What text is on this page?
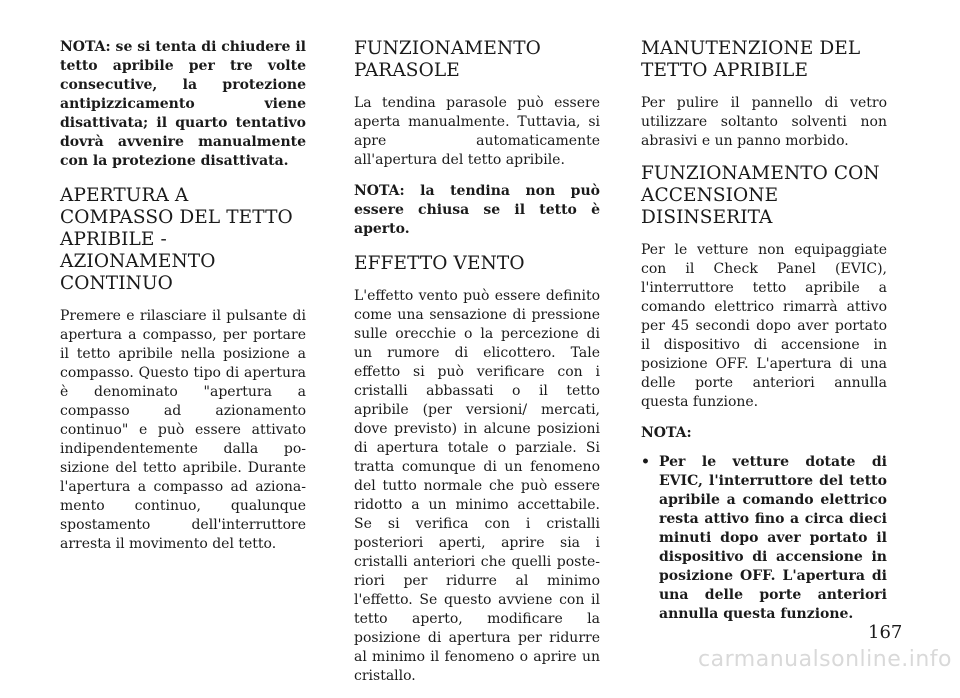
NOTA: se si tenta di chiudere il tetto apribile per tre volte consecutive, la protezione antipizzicamento viene disattivata; il quarto tentativo dovrà avvenire manualmente con la protezione disattivata.

APERTURA A COMPASSO DEL TETTO APRIBILE - AZIONAMENTO CONTINUO

Premere e rilasciare il pulsante di apertura a compasso, per portare il tetto apribile nella posizione a compasso. Questo tipo di apertura è denominato "apertura a compasso ad azionamento continuo" e può essere attivato indipendentemente dalla posizione del tetto apribile. Durante l'apertura a compasso ad azionamento continuo, qualunque spostamento dell'interruttore arresta il movimento del tetto.

FUNZIONAMENTO PARASOLE

La tendina parasole può essere aperta manualmente. Tuttavia, si apre automaticamente all'apertura del tetto apribile.

NOTA: la tendina non può essere chiusa se il tetto è aperto.

EFFETTO VENTO

L'effetto vento può essere definito come una sensazione di pressione sulle orecchie o la percezione di un rumore di elicottero. Tale effetto si può verificare con i cristalli abbassati o il tetto apribile (per versioni/ mercati, dove previsto) in alcune posizioni di apertura totale o parziale. Si tratta comunque di un fenomeno del tutto normale che può essere ridotto a un minimo accettabile. Se si verifica con i cristalli posteriori aperti, aprire sia i cristalli anteriori che quelli posteriori per ridurre al minimo l'effetto. Se questo avviene con il tetto aperto, modificare la posizione di apertura per ridurre al minimo il fenomeno o aprire un cristallo.

MANUTENZIONE DEL TETTO APRIBILE

Per pulire il pannello di vetro utilizzare soltanto solventi non abrasivi e un panno morbido.

FUNZIONAMENTO CON ACCENSIONE DISINSERITA

Per le vetture non equipaggiate con il Check Panel (EVIC), l'interruttore tetto apribile a comando elettrico rimarrà attivo per 45 secondi dopo aver portato il dispositivo di accensione in posizione OFF. L'apertura di una delle porte anteriori annulla questa funzione.

NOTA:
• Per le vetture dotate di EVIC, l'interruttore del tetto apribile a comando elettrico resta attivo fino a circa dieci minuti dopo aver portato il dispositivo di accensione in posizione OFF. L'apertura di una delle porte anteriori annulla questa funzione.
167
carmanualsonline.info
